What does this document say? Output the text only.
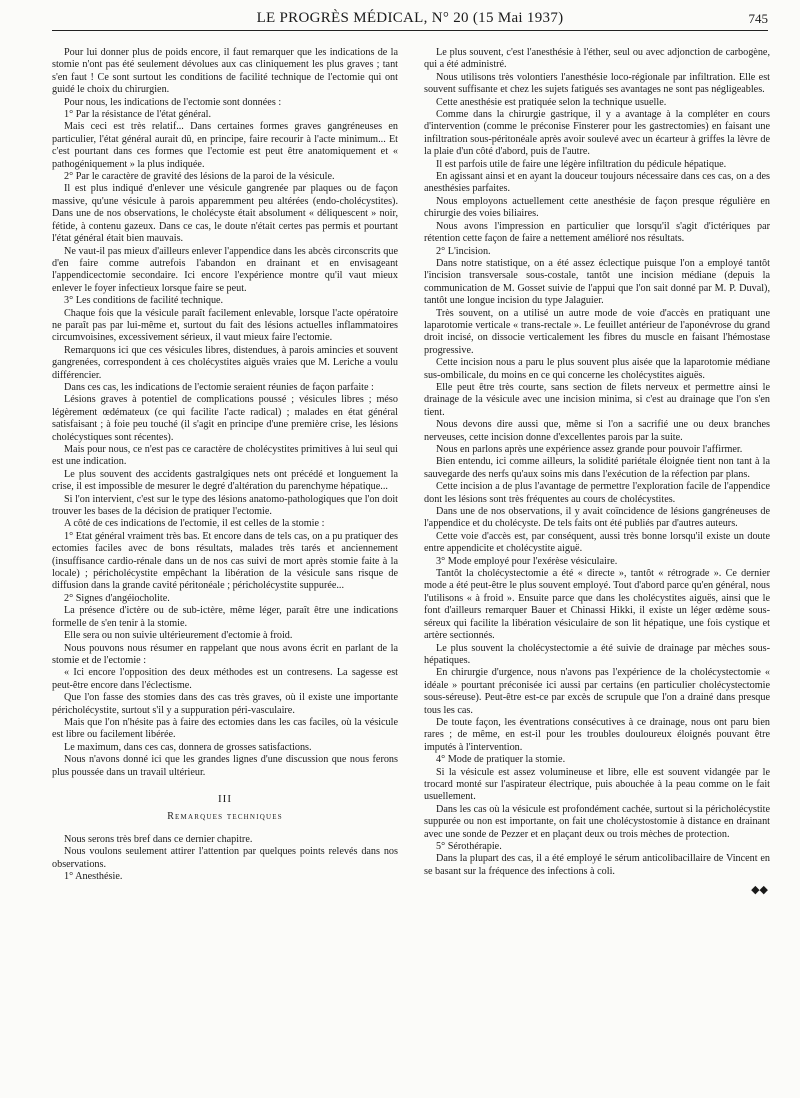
LE PROGRÈS MÉDICAL, N° 20 (15 Mai 1937)	745

Pour lui donner plus de poids encore, il faut remarquer que les indications de la stomie n'ont pas été seulement dévolues aux cas cliniquement les plus graves ; tant s'en faut ! Ce sont surtout les conditions de facilité technique de l'ectomie qui ont guidé le choix du chirurgien.

Pour nous, les indications de l'ectomie sont données :

1° Par la résistance de l'état général.

Mais ceci est très relatif... Dans certaines formes graves gangréneuses en particulier, l'état général aurait dû, en principe, faire recourir à l'acte minimum... Et c'est pourtant dans ces formes que l'ectomie est peut être anatomiquement et « pathogéniquement » la plus indiquée.

2° Par le caractère de gravité des lésions de la paroi de la vésicule.

Il est plus indiqué d'enlever une vésicule gangrenée par plaques ou de façon massive, qu'une vésicule à parois apparemment peu altérées (endo-cholécystites). Dans une de nos observations, le cholécyste était absolument « déliquescent » noir, fétide, à contenu gazeux. Dans ce cas, le doute n'était certes pas permis et pourtant l'état général était bien mauvais.

Ne vaut-il pas mieux d'ailleurs enlever l'appendice dans les abcès circonscrits que d'en faire comme autrefois l'abandon en drainant et en envisageant l'appendicectomie secondaire. Ici encore l'expérience montre qu'il vaut mieux enlever le foyer infectieux lorsque faire se peut.

3° Les conditions de facilité technique.

Chaque fois que la vésicule paraît facilement enlevable, lorsque l'acte opératoire ne paraît pas par lui-même et, surtout du fait des lésions actuelles inflammatoires circumvoisines, excessivement sérieux, il vaut mieux faire l'ectomie.

Remarquons ici que ces vésicules libres, distendues, à parois amincies et souvent gangrenées, correspondent à ces cholécystites aiguës vraies que M. Leriche a voulu différencier.

Dans ces cas, les indications de l'ectomie seraient réunies de façon parfaite :

Lésions graves à potentiel de complications poussé ; vésicules libres ; méso légèrement œdémateux (ce qui facilite l'acte radical) ; malades en état général satisfaisant ; à foie peu touché (il s'agit en principe d'une première crise, les lésions cholécystiques sont récentes).

Mais pour nous, ce n'est pas ce caractère de cholécystites primitives à lui seul qui est une indication.

Le plus souvent des accidents gastralgiques nets ont précédé et longuement la crise, il est impossible de mesurer le degré d'altération du parenchyme hépatique...

Si l'on intervient, c'est sur le type des lésions anatomo-pathologiques que l'on doit trouver les bases de la décision de pratiquer l'ectomie.

A côté de ces indications de l'ectomie, il est celles de la stomie :

1° Etat général vraiment très bas. Et encore dans de tels cas, on a pu pratiquer des ectomies faciles avec de bons résultats, malades très tarés et anciennement (insuffisance cardio-rénale dans un de nos cas suivi de mort après stomie faite à la locale) ; péricholécystite empêchant la libération de la vésicule sans risque de diffusion dans la grande cavité péritonéale ; péricholécystite suppurée...

2° Signes d'angéiocholite.

La présence d'ictère ou de sub-ictère, même léger, paraît être une indications formelle de s'en tenir à la stomie.

Elle sera ou non suivie ultérieurement d'ectomie à froid.

Nous pouvons nous résumer en rappelant que nous avons écrit en parlant de la stomie et de l'ectomie :

« Ici encore l'opposition des deux méthodes est un contresens. La sagesse est peut-être encore dans l'éclectisme.

Que l'on fasse des stomies dans des cas très graves, où il existe une importante péricholécystite, surtout s'il y a suppuration péri-vasculaire.

Mais que l'on n'hésite pas à faire des ectomies dans les cas faciles, où la vésicule est libre ou facilement libérée.

Le maximum, dans ces cas, donnera de grosses satisfactions.

Nous n'avons donné ici que les grandes lignes d'une discussion que nous ferons plus poussée dans un travail ultérieur.

III
Remarques techniques

Nous serons très bref dans ce dernier chapitre.

Nous voulons seulement attirer l'attention par quelques points relevés dans nos observations.

1° Anesthésie.

Le plus souvent, c'est l'anesthésie à l'éther, seul ou avec adjonction de carbogène, qui a été administré.

Nous utilisons très volontiers l'anesthésie loco-régionale par infiltration. Elle est souvent suffisante et chez les sujets fatigués ses avantages ne sont pas négligeables.

Cette anesthésie est pratiquée selon la technique usuelle.

Comme dans la chirurgie gastrique, il y a avantage à la compléter en cours d'intervention (comme le préconise Finsterer pour les gastrectomies) en faisant une infiltration sous-péritonéale après avoir soulevé avec un écarteur à griffes la lèvre de la plaie d'un côté d'abord, puis de l'autre.

Il est parfois utile de faire une légère infiltration du pédicule hépatique.

En agissant ainsi et en ayant la douceur toujours nécessaire dans ces cas, on a des anesthésies parfaites.

Nous employons actuellement cette anesthésie de façon presque régulière en chirurgie des voies biliaires.

Nous avons l'impression en particulier que lorsqu'il s'agit d'ictériques par rétention cette façon de faire a nettement amélioré nos résultats.

2° L'incision.

Dans notre statistique, on a été assez éclectique puisque l'on a employé tantôt l'incision transversale sous-costale, tantôt une incision médiane (depuis la communication de M. Gosset suivie de l'appui que l'on sait donné par M. P. Duval), tantôt une longue incision du type Jalaguier.

Très souvent, on a utilisé un autre mode de voie d'accès en pratiquant une laparotomie verticale « trans-rectale ». Le feuillet antérieur de l'aponévrose du grand droit incisé, on dissocie verticalement les fibres du muscle en faisant l'hémostase progressive.

Cette incision nous a paru le plus souvent plus aisée que la laparotomie médiane sus-ombilicale, du moins en ce qui concerne les cholécystites aiguës.

Elle peut être très courte, sans section de filets nerveux et permettre ainsi le drainage de la vésicule avec une incision minima, si c'est au drainage que l'on s'en tient.

Nous devons dire aussi que, même si l'on a sacrifié une ou deux branches nerveuses, cette incision donne d'excellentes parois par la suite.

Nous en parlons après une expérience assez grande pour pouvoir l'affirmer.

Bien entendu, ici comme ailleurs, la solidité pariétale éloignée tient non tant à la sauvegarde des nerfs qu'aux soins mis dans l'exécution de la réfection par plans.

Cette incision a de plus l'avantage de permettre l'exploration facile de l'appendice dont les lésions sont très fréquentes au cours de cholécystites.

Dans une de nos observations, il y avait coïncidence de lésions gangréneuses de l'appendice et du cholécyste. De tels faits ont été publiés par d'autres auteurs.

Cette voie d'accès est, par conséquent, aussi très bonne lorsqu'il existe un doute entre appendicite et cholécystite aiguë.

3° Mode employé pour l'exérèse vésiculaire.

Tantôt la cholécystectomie a été « directe », tantôt « rétrograde ». Ce dernier mode a été peut-être le plus souvent employé. Tout d'abord parce qu'en général, nous l'utilisons « à froid ». Ensuite parce que dans les cholécystites aiguës, ainsi que le font d'ailleurs remarquer Bauer et Chinassi Hikki, il existe un léger œdème sous-séreux qui facilite la libération vésiculaire de son lit hépatique, une fois cystique et artère sectionnés.

Le plus souvent la cholécystectomie a été suivie de drainage par mèches sous-hépatiques.

En chirurgie d'urgence, nous n'avons pas l'expérience de la cholécystectomie « idéale » pourtant préconisée ici aussi par certains (en particulier cholécystectomie sous-séreuse). Peut-être est-ce par excès de scrupule que l'on a drainé dans presque tous les cas.

De toute façon, les éventrations consécutives à ce drainage, nous ont paru bien rares ; de même, en est-il pour les troubles douloureux éloignés pouvant être imputés à l'intervention.

4° Mode de pratiquer la stomie.

Si la vésicule est assez volumineuse et libre, elle est souvent vidangée par le trocard monté sur l'aspirateur électrique, puis abouchée à la peau comme on le fait usuellement.

Dans les cas où la vésicule est profondément cachée, surtout si la péricholécystite suppurée ou non est importante, on fait une cholécystostomie à distance en drainant avec une sonde de Pezzer et en plaçant deux ou trois mèches de protection.

5° Sérothérapie.

Dans la plupart des cas, il a été employé le sérum anticolibacillaire de Vincent en se basant sur la fréquence des infections à coli.

◆◆
